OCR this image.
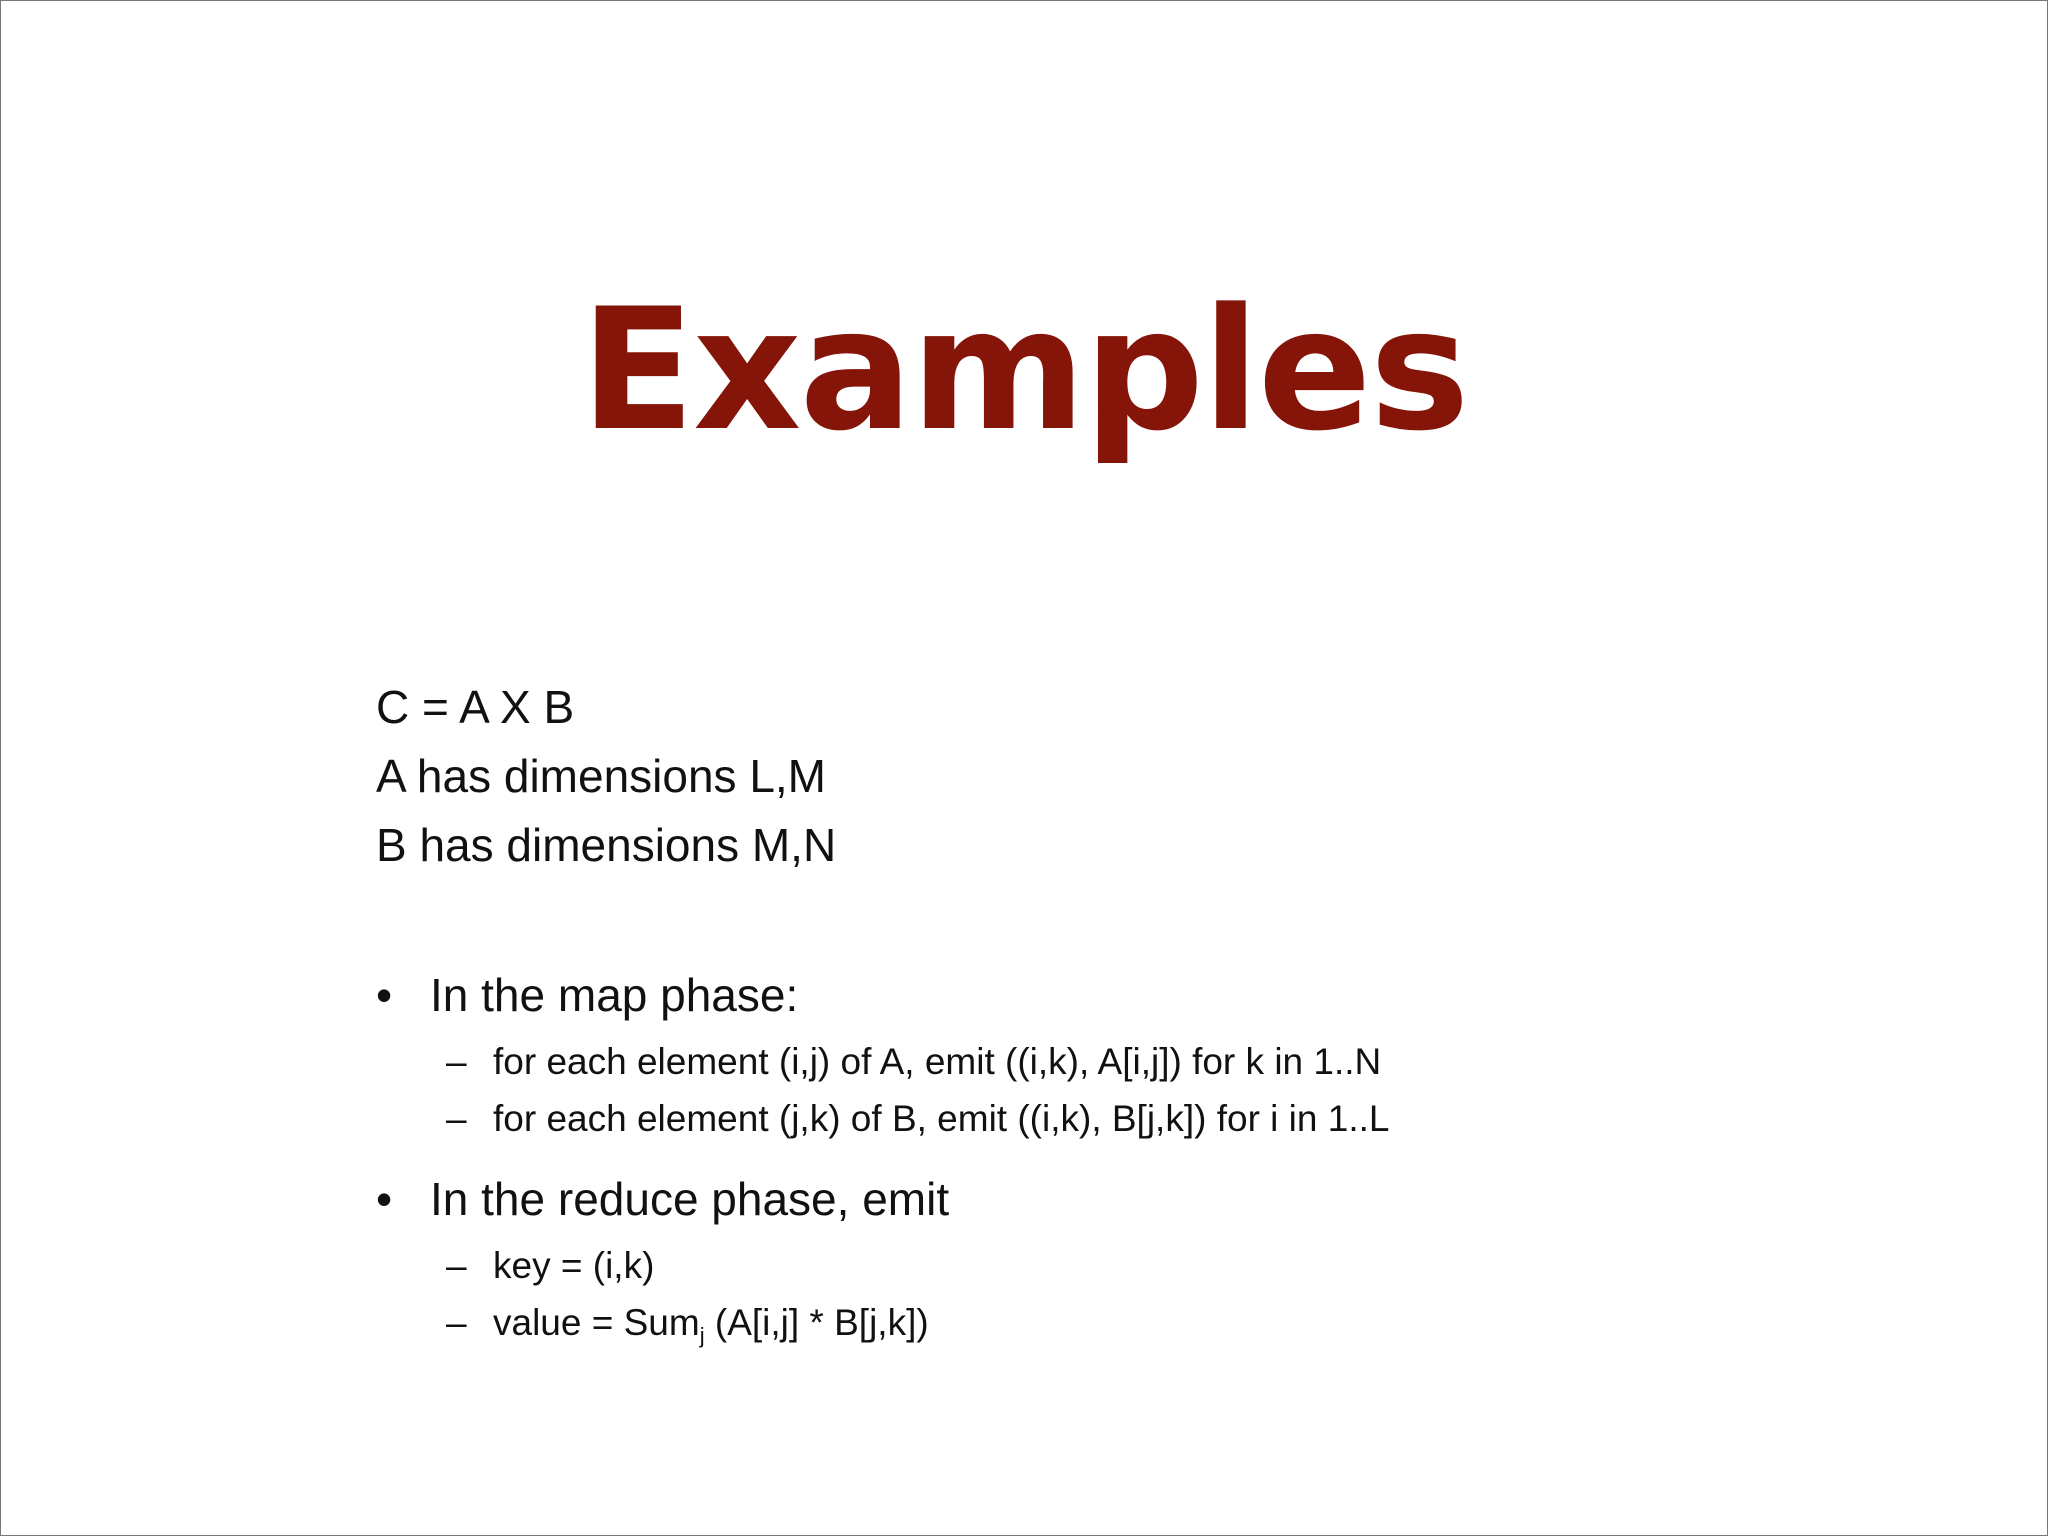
Examples

C = A X B

A has dimensions L,M

B has dimensions M,N

• In the map phase:
– for each element (i,j) of A, emit ((i,k), A[i,j]) for k in 1..N
– for each element (j,k) of B, emit ((i,k), B[j,k]) for i in 1..L
• In the reduce phase, emit
– key = (i,k)
– value = Sum$_j$ (A[i,j] * B[j,k])
